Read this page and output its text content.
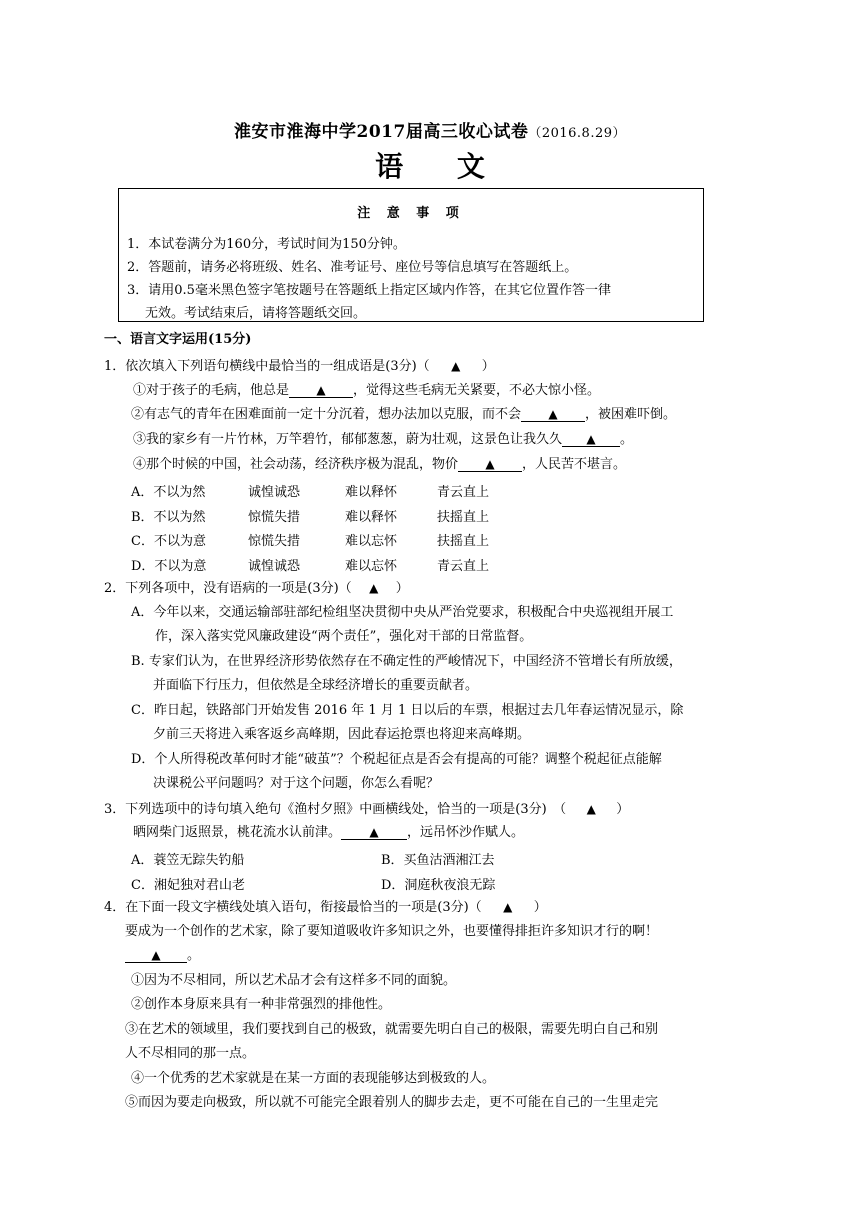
淮安市淮海中学2017届高三收心试卷（2016.8.29）
语 文
注 意 事 项
1．本试卷满分为160分，考试时间为150分钟。
2．答题前，请务必将班级、姓名、准考证号、座位号等信息填写在答题纸上。
3．请用0.5毫米黑色签字笔按题号在答题纸上指定区域内作答，在其它位置作答一律
无效。考试结束后，请将答题纸交回。
一、语言文字运用(15分)
1．依次填入下列语句横线中最恰当的一组成语是(3分)（ ▲ ）
①对于孩子的毛病，他总是 ▲ ，觉得这些毛病无关紧要，不必大惊小怪。
②有志气的青年在困难面前一定十分沉着，想办法加以克服，而不会 ▲ ，被困难吓倒。
③我的家乡有一片竹林，万竿碧竹，郁郁葱葱，蔚为壮观，这景色让我久久 ▲ 。
④那个时候的中国，社会动荡，经济秩序极为混乱，物价 ▲ ，人民苦不堪言。
A．不以为然	诚惶诚恐	难以释怀	青云直上
B．不以为然	惊慌失措	难以释怀	扶摇直上
C．不以为意	惊慌失措	难以忘怀	扶摇直上
D．不以为意	诚惶诚恐	难以忘怀	青云直上
2．下列各项中，没有语病的一项是(3分)（ ▲ ）
A．今年以来，交通运输部驻部纪检组坚决贯彻中央从严治党要求，积极配合中央巡视组开展工
作，深入落实党风廉政建设“两个责任”，强化对干部的日常监督。
B. 专家们认为，在世界经济形势依然存在不确定性的严峻情况下，中国经济不管增长有所放缓，
并面临下行压力，但依然是全球经济增长的重要贡献者。
C．昨日起，铁路部门开始发售 2016 年 1 月 1 日以后的车票，根据过去几年春运情况显示，除
夕前三天将进入乘客返乡高峰期，因此春运抢票也将迎来高峰期。
D．个人所得税改革何时才能“破茧”？个税起征点是否会有提高的可能？调整个税起征点能解
决课税公平问题吗？对于这个问题，你怎么看呢？
3．下列选项中的诗句填入绝句《渔村夕照》中画横线处，恰当的一项是(3分)　（ ▲ ）
晒网柴门返照景，桃花流水认前津。 ▲ ，远吊怀沙作赋人。
A．蓑笠无踪失钓船	B．买鱼沽酒湘江去
C．湘妃独对君山老	D．洞庭秋夜浪无踪
4．在下面一段文字横线处填入语句，衔接最恰当的一项是(3分)（ ▲ ）
要成为一个创作的艺术家，除了要知道吸收许多知识之外，也要懂得排拒许多知识才行的啊！
▲ 。
①因为不尽相同，所以艺术品才会有这样多不同的面貌。
②创作本身原来具有一种非常强烈的排他性。
③在艺术的领域里，我们要找到自己的极致，就需要先明白自己的极限，需要先明白自己和别
人不尽相同的那一点。
④一个优秀的艺术家就是在某一方面的表现能够达到极致的人。
⑤而因为要走向极致，所以就不可能完全跟着别人的脚步去走，更不可能在自己的一生里走完
